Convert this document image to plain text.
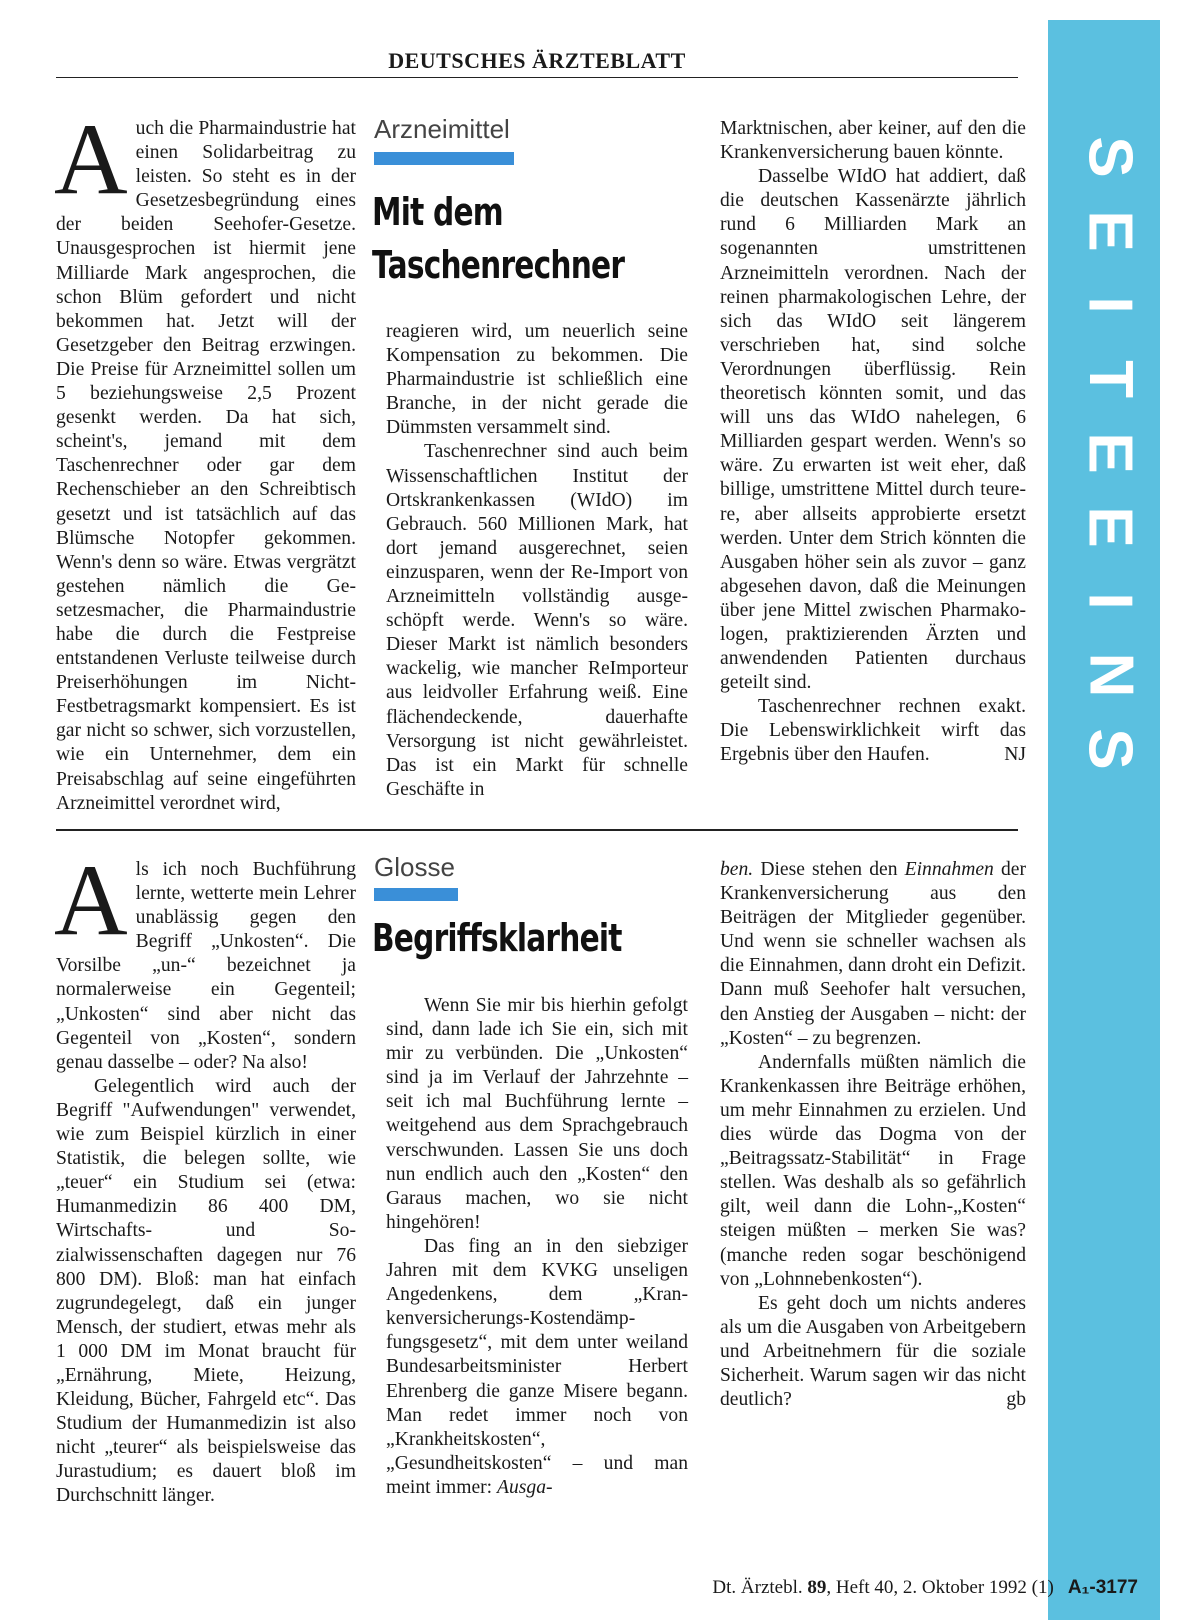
DEUTSCHES ÄRZTEBLATT
S
E
I
T
E
E
I
N
S

Auch die Pharmaindustrie hat einen Solidarbeitrag zu leisten. So steht es in der Gesetzesbegründung eines der beiden Seehofer-Gesetze. Unausgesprochen ist hiermit jene Milliarde Mark angesprochen, die schon Blüm gefordert und nicht bekommen hat. Jetzt will der Gesetzgeber den Beitrag erzwingen. Die Preise für Arzneimittel sollen um 5 beziehungsweise 2,5 Prozent gesenkt werden. Da hat sich, scheint's, jemand mit dem Taschenrechner oder gar dem Rechenschieber an den Schreibtisch gesetzt und ist tatsächlich auf das Blümsche Notopfer gekommen. Wenn's denn so wäre. Etwas vergrätzt gestehen nämlich die Gesetzesmacher, die Pharmaindustrie habe die durch die Festpreise entstandenen Verluste teilweise durch Preiserhöhungen im Nicht-Festbetragsmarkt kompensiert. Es ist gar nicht so schwer, sich vorzustellen, wie ein Unternehmer, dem ein Preisabschlag auf seine eingeführten Arzneimittel verordnet wird,

Arzneimittel
Mit dem
Taschenrechner

reagieren wird, um neuerlich seine Kompensation zu bekommen. Die Pharmaindustrie ist schließlich eine Branche, in der nicht gerade die Dümmsten versammelt sind.

Taschenrechner sind auch beim Wissenschaftlichen Institut der Ortskrankenkassen (WIdO) im Gebrauch. 560 Millionen Mark, hat dort jemand ausgerechnet, seien einzusparen, wenn der Re-Import von Arzneimitteln vollständig ausgeschöpft werde. Wenn's so wäre. Dieser Markt ist nämlich besonders wackelig, wie mancher ReImporteur aus leidvoller Erfahrung weiß. Eine flächendeckende, dauerhafte Versorgung ist nicht gewährleistet. Das ist ein Markt für schnelle Geschäfte in

Marktnischen, aber keiner, auf den die Krankenversicherung bauen könnte.

Dasselbe WIdO hat addiert, daß die deutschen Kassenärzte jährlich rund 6 Milliarden Mark an sogenannten umstrittenen Arzneimitteln verordnen. Nach der reinen pharmakologischen Lehre, der sich das WIdO seit längerem verschrieben hat, sind solche Verordnungen überflüssig. Rein theoretisch könnten somit, und das will uns das WIdO nahelegen, 6 Milliarden gespart werden. Wenn's so wäre. Zu erwarten ist weit eher, daß billige, umstrittene Mittel durch teurere, aber allseits approbierte ersetzt werden. Unter dem Strich könnten die Ausgaben höher sein als zuvor – ganz abgesehen davon, daß die Meinungen über jene Mittel zwischen Pharmakologen, praktizierenden Ärzten und anwendenden Patienten durchaus geteilt sind.

Taschenrechner rechnen exakt. Die Lebenswirklichkeit wirft das Ergebnis über den Haufen.	NJ

Als ich noch Buchführung lernte, wetterte mein Lehrer unablässig gegen den Begriff „Unkosten“. Die Vorsilbe „un-“ bezeichnet ja normalerweise ein Gegenteil; „Unkosten“ sind aber nicht das Gegenteil von „Kosten“, sondern genau dasselbe – oder? Na also!

Gelegentlich wird auch der Begriff "Aufwendungen" verwendet, wie zum Beispiel kürzlich in einer Statistik, die belegen sollte, wie „teuer“ ein Studium sei (etwa: Humanmedizin 86 400 DM, Wirtschafts- und Sozialwissenschaften dagegen nur 76 800 DM). Bloß: man hat einfach zugrundegelegt, daß ein junger Mensch, der studiert, etwas mehr als 1 000 DM im Monat braucht für „Ernährung, Miete, Heizung, Kleidung, Bücher, Fahrgeld etc“. Das Studium der Humanmedizin ist also nicht „teurer“ als beispielsweise das Jurastudium; es dauert bloß im Durchschnitt länger.

Glosse
Begriffsklarheit

Wenn Sie mir bis hierhin gefolgt sind, dann lade ich Sie ein, sich mit mir zu verbünden. Die „Unkosten“ sind ja im Verlauf der Jahrzehnte – seit ich mal Buchführung lernte – weitgehend aus dem Sprachgebrauch verschwunden. Lassen Sie uns doch nun endlich auch den „Kosten“ den Garaus machen, wo sie nicht hingehören!

Das fing an in den siebziger Jahren mit dem KVKG unseligen Angedenkens, dem „Krankenversicherungs-Kostendämpfungsgesetz“, mit dem unter weiland Bundesarbeitsminister Herbert Ehrenberg die ganze Misere begann. Man redet immer noch von „Krankheitskosten“, „Gesundheitskosten“ – und man meint immer: Ausga-

ben. Diese stehen den Einnahmen der Krankenversicherung aus den Beiträgen der Mitglieder gegenüber. Und wenn sie schneller wachsen als die Einnahmen, dann droht ein Defizit. Dann muß Seehofer halt versuchen, den Anstieg der Ausgaben – nicht: der „Kosten“ – zu begrenzen.

Andernfalls müßten nämlich die Krankenkassen ihre Beiträge erhöhen, um mehr Einnahmen zu erzielen. Und dies würde das Dogma von der „Beitragssatz-Stabilität“ in Frage stellen. Was deshalb als so gefährlich gilt, weil dann die Lohn-„Kosten“ steigen müßten – merken Sie was? (manche reden sogar beschönigend von „Lohnnebenkosten“).

Es geht doch um nichts anderes als um die Ausgaben von Arbeitgebern und Arbeitnehmern für die soziale Sicherheit. Warum sagen wir das nicht deutlich?	gb

Dt. Ärztebl. 89, Heft 40, 2. Oktober 1992 (1) A₁-3177
